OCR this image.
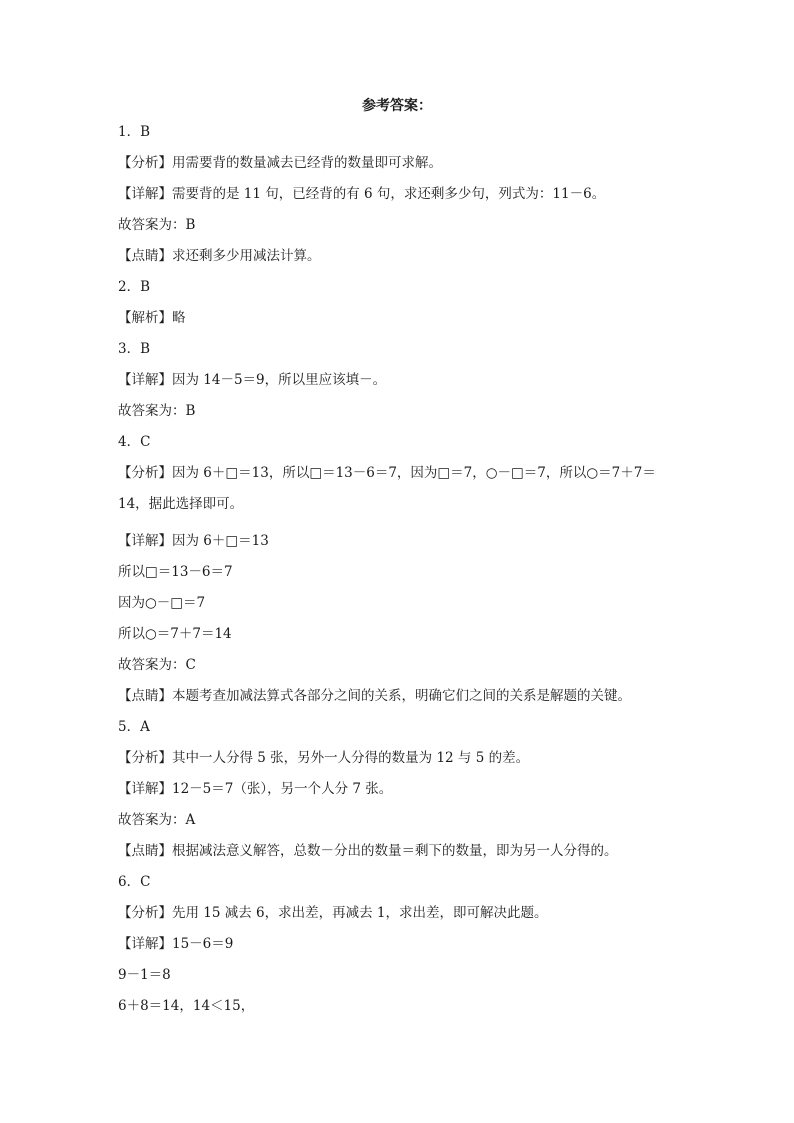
参考答案：
1．B
【分析】用需要背的数量减去已经背的数量即可求解。
【详解】需要背的是 11 句，已经背的有 6 句，求还剩多少句，列式为：11－6。
故答案为：B
【点睛】求还剩多少用减法计算。
2．B
【解析】略
3．B
【详解】因为 14－5＝9，所以里应该填－。
故答案为：B
4．C
【分析】因为 6＋□＝13，所以□＝13－6＝7，因为□＝7，○－□＝7，所以○＝7＋7＝14，据此选择即可。
【详解】因为 6＋□＝13
所以□＝13－6＝7
因为○－□＝7
所以○＝7＋7＝14
故答案为：C
【点睛】本题考查加减法算式各部分之间的关系，明确它们之间的关系是解题的关键。
5．A
【分析】其中一人分得 5 张，另外一人分得的数量为 12 与 5 的差。
【详解】12－5＝7（张），另一个人分 7 张。
故答案为：A
【点睛】根据减法意义解答，总数－分出的数量＝剩下的数量，即为另一人分得的。
6．C
【分析】先用 15 减去 6，求出差，再减去 1，求出差，即可解决此题。
【详解】15－6＝9
9－1＝8
6＋8＝14，14＜15，
